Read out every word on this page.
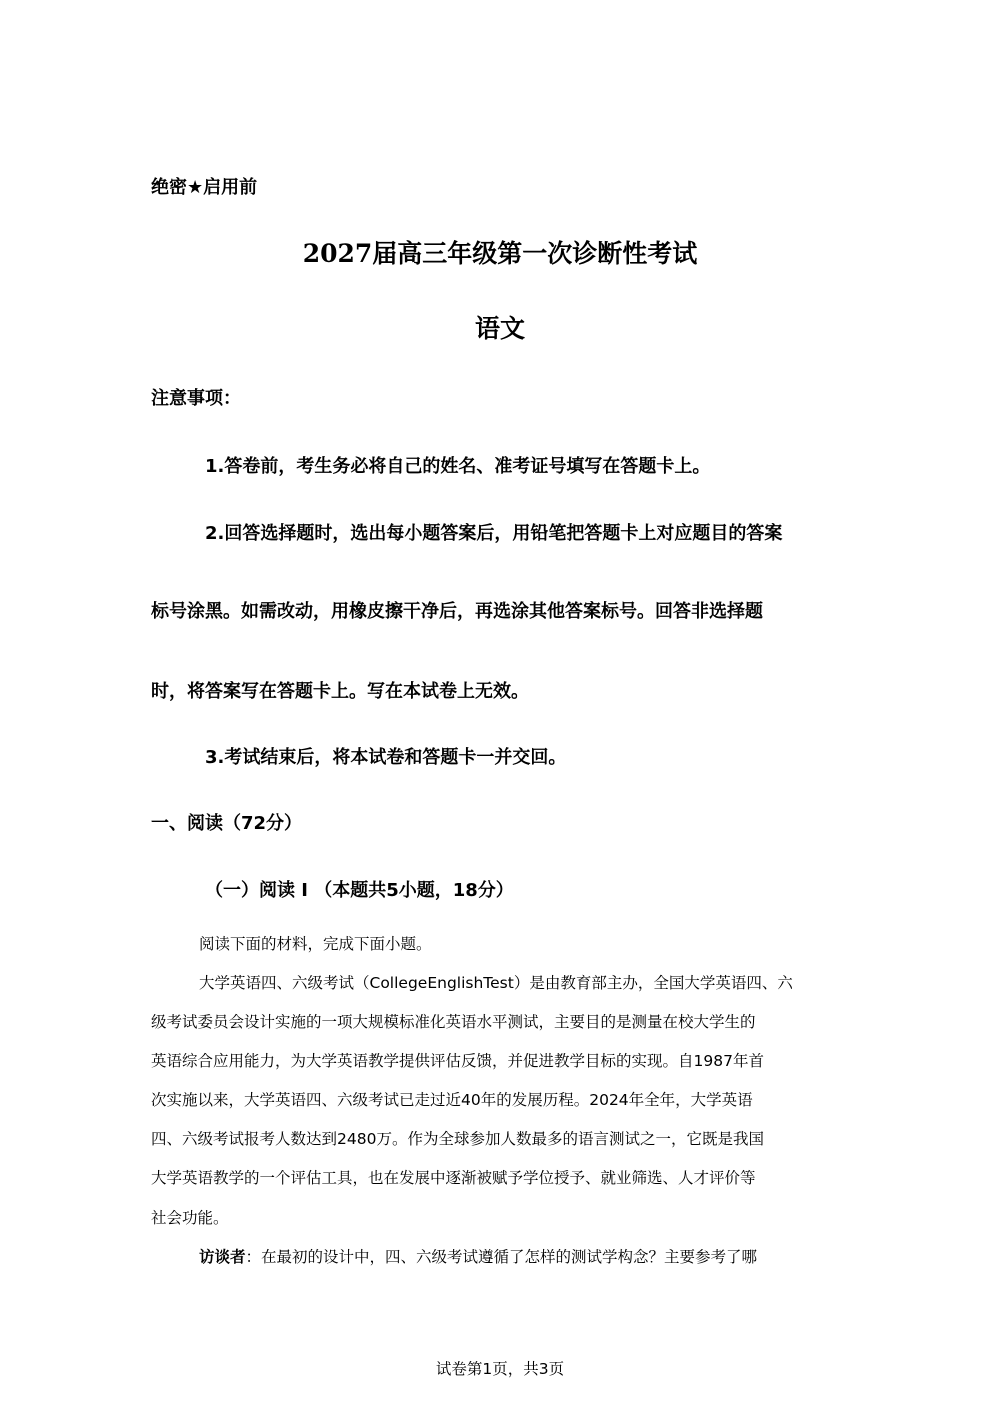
绝密★启用前
2027届高三年级第一次诊断性考试
语文
注意事项：
1.答卷前，考生务必将自己的姓名、准考证号填写在答题卡上。
2.回答选择题时，选出每小题答案后，用铅笔把答题卡上对应题目的答案
标号涂黑。如需改动，用橡皮擦干净后，再选涂其他答案标号。回答非选择题
时，将答案写在答题卡上。写在本试卷上无效。
3.考试结束后，将本试卷和答题卡一并交回。
一、阅读（72分）
（一）阅读 I （本题共5小题，18分）
阅读下面的材料，完成下面小题。
大学英语四、六级考试（CollegeEnglishTest）是由教育部主办，全国大学英语四、六
级考试委员会设计实施的一项大规模标准化英语水平测试，主要目的是测量在校大学生的
英语综合应用能力，为大学英语教学提供评估反馈，并促进教学目标的实现。自1987年首
次实施以来，大学英语四、六级考试已走过近40年的发展历程。2024年全年，大学英语
四、六级考试报考人数达到2480万。作为全球参加人数最多的语言测试之一，它既是我国
大学英语教学的一个评估工具，也在发展中逐渐被赋予学位授予、就业筛选、人才评价等
社会功能。
访谈者：在最初的设计中，四、六级考试遵循了怎样的测试学构念？主要参考了哪
试卷第1页，共3页
